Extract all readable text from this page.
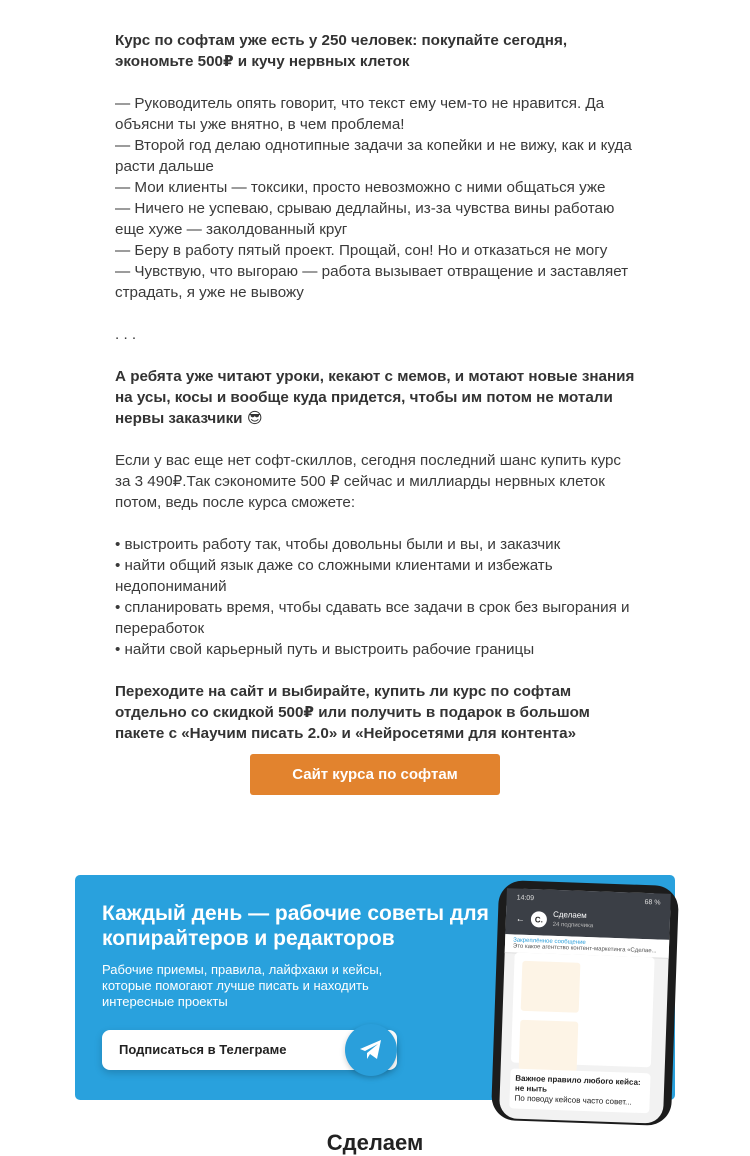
Курс по софтам уже есть у 250 человек: покупайте сегодня, экономьте 500₽ и кучу нервных клеток
— Руководитель опять говорит, что текст ему чем-то не нравится. Да объясни ты уже внятно, в чем проблема!
— Второй год делаю однотипные задачи за копейки и не вижу, как и куда расти дальше
— Мои клиенты — токсики, просто невозможно с ними общаться уже
— Ничего не успеваю, срываю дедлайны, из-за чувства вины работаю еще хуже — заколдованный круг
— Беру в работу пятый проект. Прощай, сон! Но и отказаться не могу
— Чувствую, что выгораю — работа вызывает отвращение и заставляет страдать, я уже не вывожу
. . .
А ребята уже читают уроки, кекают с мемов, и мотают новые знания на усы, косы и вообще куда придется, чтобы им потом не мотали нервы заказчики 😎
Если у вас еще нет софт-скиллов, сегодня последний шанс купить курс за 3 490₽.Так сэкономите 500 ₽ сейчас и миллиарды нервных клеток потом, ведь после курса сможете:
• выстроить работу так, чтобы довольны были и вы, и заказчик
• найти общий язык даже со сложными клиентами и избежать недопониманий
• спланировать время, чтобы сдавать все задачи в срок без выгорания и переработок
• найти свой карьерный путь и выстроить рабочие границы
Переходите на сайт и выбирайте, купить ли курс по софтам отдельно со скидкой 500₽ или получить в подарок в большом пакете с «Научим писать 2.0» и «Нейросетями для контента»
Сайт курса по софтам
Каждый день — рабочие советы для копирайтеров и редакторов
Рабочие приемы, правила, лайфхаки и кейсы, которые помогают лучше писать и находить интересные проекты
Подписаться в Телеграме
14:09
68 %
←	С.	Сделаем
24 подписчика
Закреплённое сообщение
Это какое агентство контент-маркетинга «Сделае...

Важное правило любого кейса: не ныть
По поводу кейсов часто совет...
Сделаем
